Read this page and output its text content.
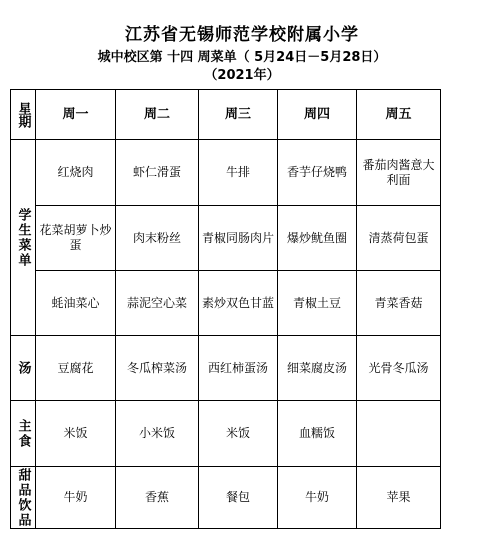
江苏省无锡师范学校附属小学
城中校区第 十四 周菜单（ 5月24日－5月28日）
（2021年）
星期	周一	周二	周三	周四	周五
学生菜单	红烧肉	虾仁滑蛋	牛排	香芋仔烧鸭	番茄肉酱意大利面
	花菜胡萝卜炒蛋	肉末粉丝	青椒同肠肉片	爆炒鱿鱼圈	清蒸荷包蛋
	蚝油菜心	蒜泥空心菜	素炒双色甘蓝	青椒土豆	青菜香菇
汤	豆腐花	冬瓜榨菜汤	西红柿蛋汤	细菜腐皮汤	光骨冬瓜汤
主食	米饭	小米饭	米饭	血糯饭	
甜品饮品	牛奶	香蕉	餐包	牛奶	苹果
